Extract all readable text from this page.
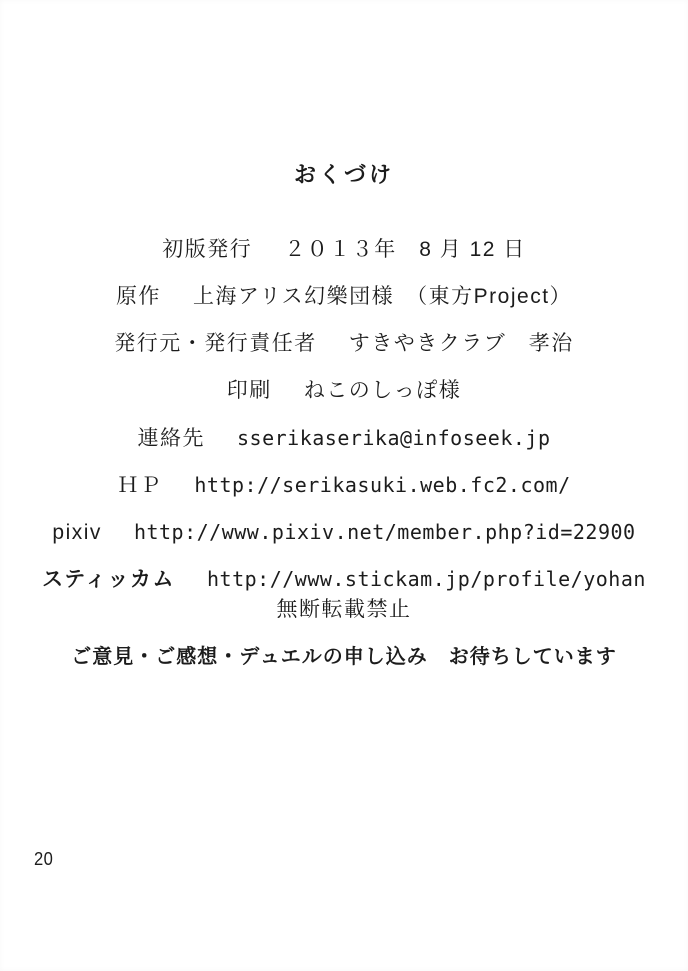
おくづけ
初版発行 ２０１３年　8 月 12 日
原作 上海アリス幻樂団様　（東方Project）
発行元・発行責任者 すきやきクラブ　孝治
印刷 ねこのしっぽ様
連絡先 sserikaserika@infoseek.jp
ＨＰ http://serikasuki.web.fc2.com/
pixiv http://www.pixiv.net/member.php?id=22900
スティッカム http://www.stickam.jp/profile/yohan
無断転載禁止
ご意見・ご感想・デュエルの申し込み　お待ちしています
20
